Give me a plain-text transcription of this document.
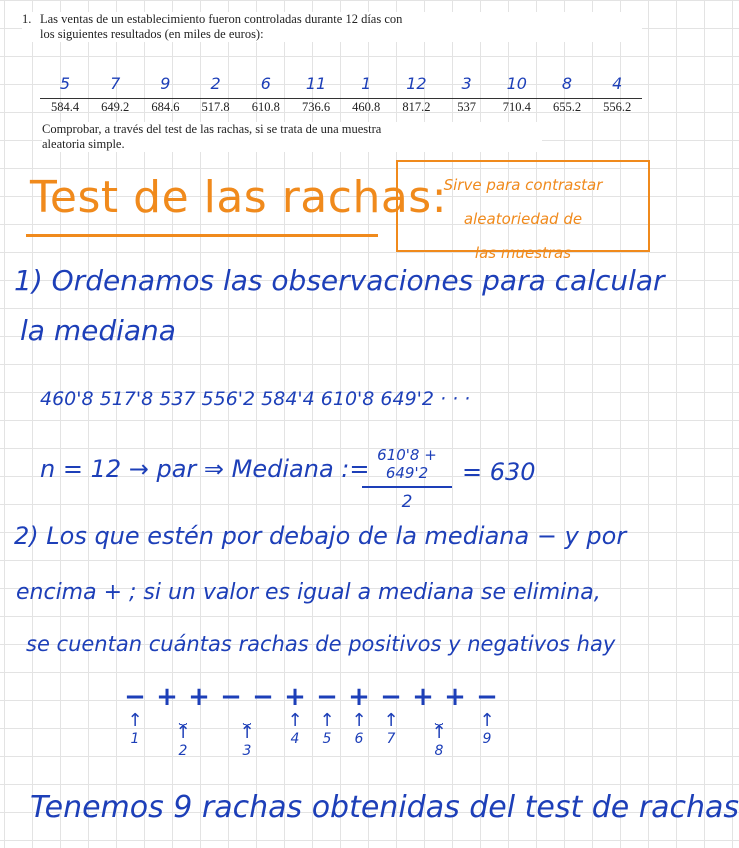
1. Las ventas de un establecimiento fueron controladas durante 12 días con
los siguientes resultados (en miles de euros):
5	7	9	2	6	11	1	12	3	10	8	4
584.4	649.2	684.6	517.8	610.8	736.6	460.8	817.2	537	710.4	655.2	556.2
Comprobar, a través del test de las rachas, si se trata de una muestra
aleatoria simple.
Test de las rachas:
Sirve para contrastar aleatoriedad de
las muestras
1) Ordenamos las observaciones para calcular
la mediana
460'8 517'8 537 556'2 584'4 610'8 649'2 · · ·
n = 12 → par ⇒ Mediana := 610'8 + 649'2
2
= 630
2) Los que estén por debajo de la mediana − y por
encima + ; si un valor es igual a mediana se elimina,
se cuentan cuántas rachas de positivos y negativos hay
− + + − − + − + − + + −
↑
1
⏟
↑
2
⏟
↑
3
↑
4
↑
5
↑
6
↑
7
⏟
↑
8
↑
9
Tenemos 9 rachas obtenidas del test de rachas
